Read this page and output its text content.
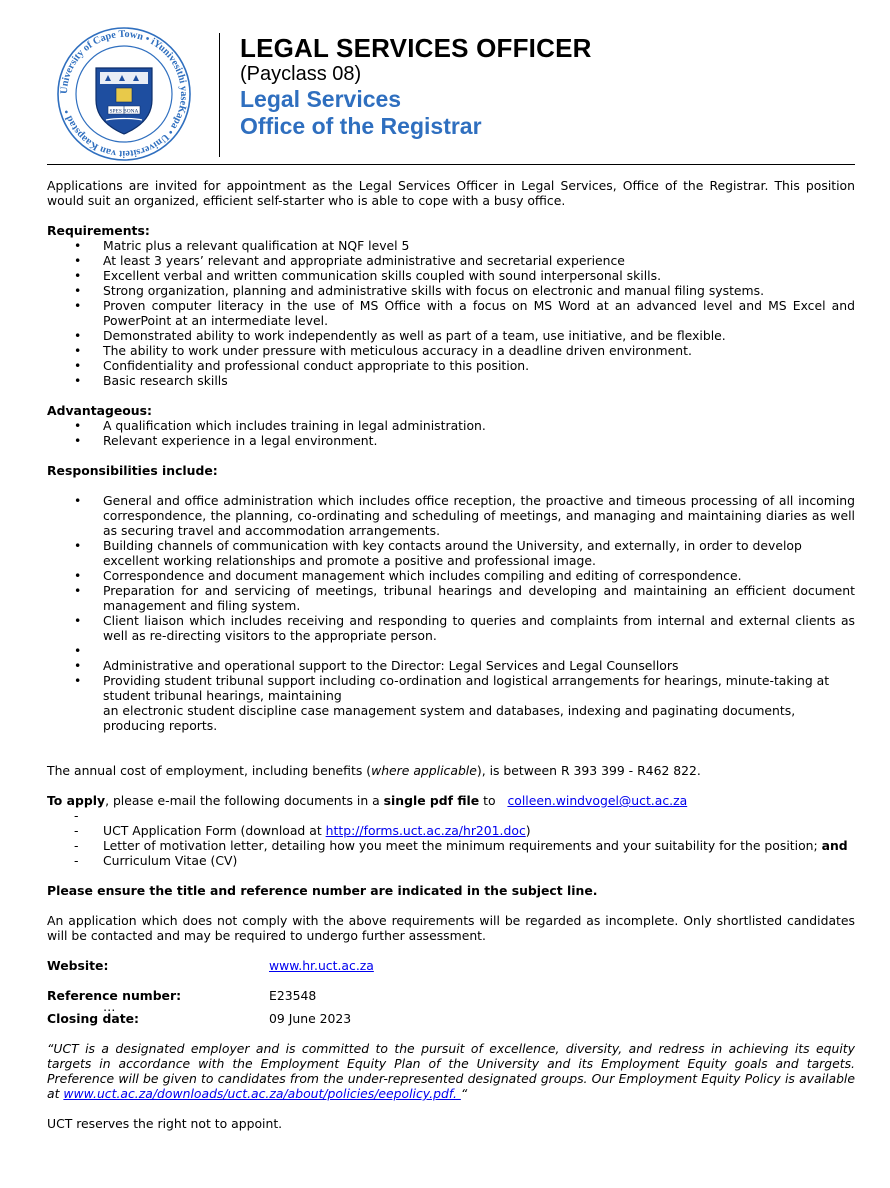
University of Cape Town • iYunivesithi yaseKapa • Universiteit van Kaapstad •	SPES BONA
LEGAL SERVICES OFFICER
(Payclass 08)
Legal Services
Office of the Registrar

Applications are invited for appointment as the Legal Services Officer in Legal Services, Office of the Registrar. This position would suit an organized, efficient self-starter who is able to cope with a busy office.

Requirements:

• Matric plus a relevant qualification at NQF level 5
• At least 3 years’ relevant and appropriate administrative and secretarial experience
• Excellent verbal and written communication skills coupled with sound interpersonal skills.
• Strong organization, planning and administrative skills with focus on electronic and manual filing systems.
• Proven computer literacy in the use of MS Office with a focus on MS Word at an advanced level and MS Excel and PowerPoint at an intermediate level.
• Demonstrated ability to work independently as well as part of a team, use initiative, and be flexible.
• The ability to work under pressure with meticulous accuracy in a deadline driven environment.
• Confidentiality and professional conduct appropriate to this position.
• Basic research skills

Advantageous:

• A qualification which includes training in legal administration.
• Relevant experience in a legal environment.

Responsibilities include:

• General and office administration which includes office reception, the proactive and timeous processing of all incoming correspondence, the planning, co-ordinating and scheduling of meetings, and managing and maintaining diaries as well as securing travel and accommodation arrangements.
• Building channels of communication with key contacts around the University, and externally, in order to develop excellent working relationships and promote a positive and professional image.
• Correspondence and document management which includes compiling and editing of correspondence.
• Preparation for and servicing of meetings, tribunal hearings and developing and maintaining an efficient document management and filing system.
• Client liaison which includes receiving and responding to queries and complaints from internal and external clients as well as re-directing visitors to the appropriate person.
•
• Administrative and operational support to the Director: Legal Services and Legal Counsellors
• Providing student tribunal support including co-ordination and logistical arrangements for hearings, minute-taking at student tribunal hearings, maintaining
an electronic student discipline case management system and databases, indexing and paginating documents, producing reports.

The annual cost of employment, including benefits (where applicable), is between R 393 399 - R462 822.

To apply, please e-mail the following documents in a single pdf file to colleen.windvogel@uct.ac.za

-
- UCT Application Form (download at http://forms.uct.ac.za/hr201.doc)
- Letter of motivation letter, detailing how you meet the minimum requirements and your suitability for the position; and
- Curriculum Vitae (CV)

Please ensure the title and reference number are indicated in the subject line.

An application which does not comply with the above requirements will be regarded as incomplete. Only shortlisted candidates will be contacted and may be required to undergo further assessment.

Website:	www.hr.uct.ac.za
Reference number:	E23548
…
Closing date:	09 June 2023

“UCT is a designated employer and is committed to the pursuit of excellence, diversity, and redress in achieving its equity targets in accordance with the Employment Equity Plan of the University and its Employment Equity goals and targets. Preference will be given to candidates from the under-represented designated groups. Our Employment Equity Policy is available at www.uct.ac.za/downloads/uct.ac.za/about/policies/eepolicy.pdf. “

UCT reserves the right not to appoint.
